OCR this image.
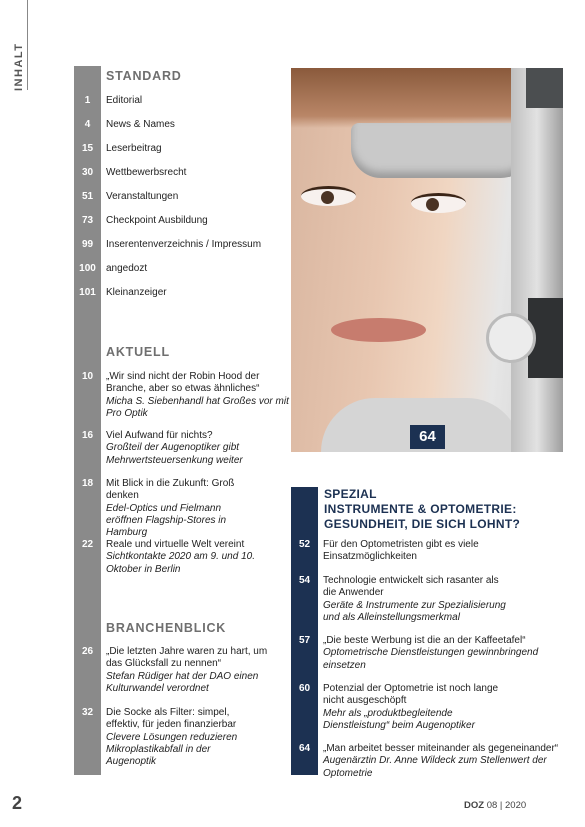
INHALT	STANDARD
1	Editorial
4	News & Names
15	Leserbeitrag
30	Wettbewerbsrecht
51	Veranstaltungen
73	Checkpoint Ausbildung
99	Inserentenverzeichnis / Impressum
100	angedozt
101	Kleinanzeiger
AKTUELL
10	„Wir sind nicht der Robin Hood der Branche, aber so etwas ähnliches“
Micha S. Siebenhandl hat Großes vor mit Pro Optik
16	Viel Aufwand für nichts?
Großteil der Augenoptiker gibt Mehrwertsteuersenkung weiter
18	Mit Blick in die Zukunft: Groß denken
Edel-Optics und Fielmann eröffnen Flagship-Stores in Hamburg
22	Reale und virtuelle Welt vereint
Sichtkontakte 2020 am 9. und 10. Oktober in Berlin
BRANCHENBLICK
26	„Die letzten Jahre waren zu hart, um das Glücksfall zu nennen“
Stefan Rüdiger hat der DAO einen Kulturwandel verordnet
32	Die Socke als Filter: simpel, effektiv, für jeden finanzierbar
Clevere Lösungen reduzieren Mikroplastikabfall in der Augenoptik
64
SPEZIAL
INSTRUMENTE & OPTOMETRIE:
GESUNDHEIT, DIE SICH LOHNT?
52	Für den Optometristen gibt es viele Einsatzmöglichkeiten
54	Technologie entwickelt sich rasanter als die Anwender
Geräte & Instrumente zur Spezialisierung und als Alleinstellungsmerkmal
57	„Die beste Werbung ist die an der Kaffeetafel“
Optometrische Dienstleistungen gewinnbringend einsetzen
60	Potenzial der Optometrie ist noch lange nicht ausgeschöpft
Mehr als „produktbegleitende Dienstleistung“ beim Augenoptiker
64	„Man arbeitet besser miteinander als gegeneinander“
Augenärztin Dr. Anne Wildeck zum Stellenwert der Optometrie
2	DOZ 08 | 2020
